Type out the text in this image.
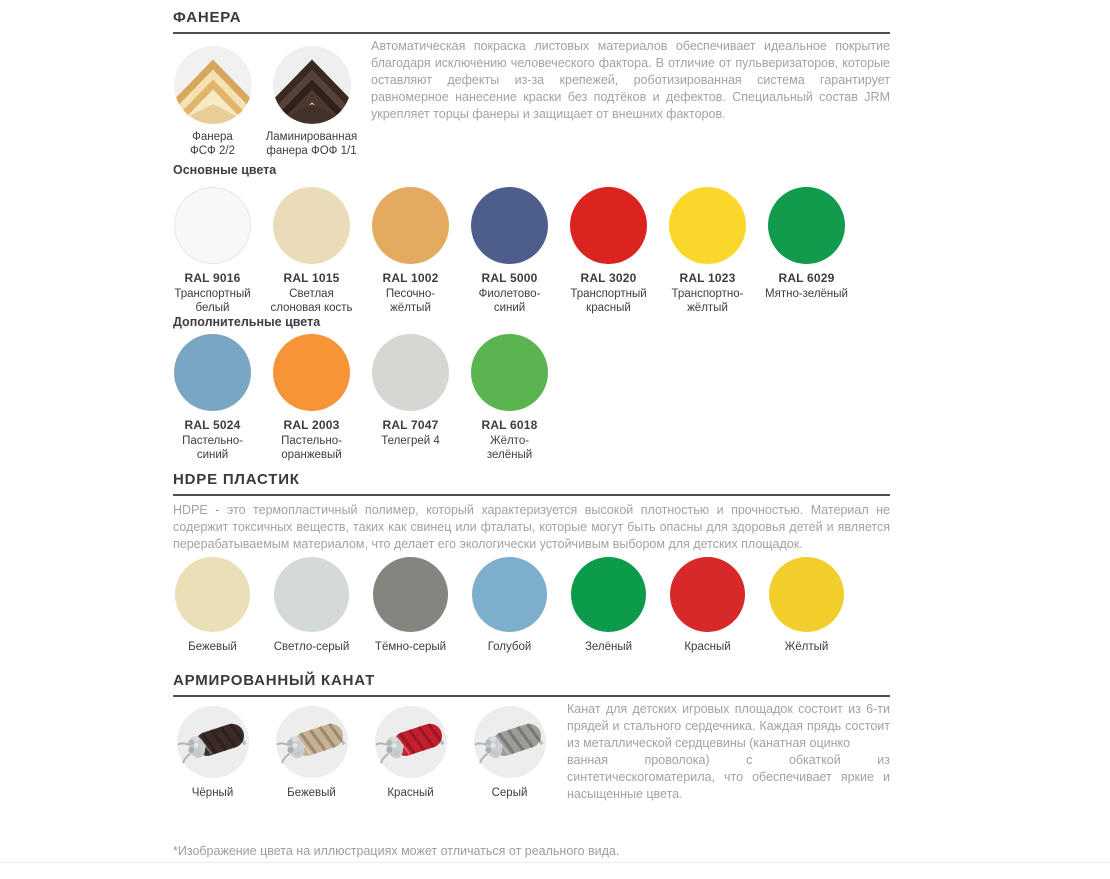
ФАНЕРА
Автоматическая покраска листовых материалов обеспечивает идеальное покрытие благодаря исключению человеческого фактора. В отличие от пульверизаторов, которые оставляют дефекты из-за крепежей, роботизированная система гарантирует равномерное нанесение краски без подтёков и дефектов. Специальный состав JRM укрепляет торцы фанеры и защищает от внешних факторов.
Фанера
ФСФ 2/2
Ламинированная
фанера ФОФ 1/1
Основные цвета
RAL 9016
Транспортный
белый
RAL 1015
Светлая
слоновая кость
RAL 1002
Песочно-
жёлтый
RAL 5000
Фиолетово-
синий
RAL 3020
Транспортный
красный
RAL 1023
Транспортно-
жёлтый
RAL 6029
Мятно-зелёный
Дополнительные цвета
RAL 5024
Пастельно-
синий
RAL 2003
Пастельно-
оранжевый
RAL 7047
Телегрей 4
RAL 6018
Жёлто-
зелёный
HDPE ПЛАСТИК
HDPE - это термопластичный полимер, который характеризуется высокой плотностью и прочностью. Материал не содержит токсичных веществ, таких как свинец или фталаты, которые могут быть опасны для здоровья детей и является перерабатываемым материалом, что делает его экологически устойчивым выбором для детских площадок.
Бежевый	Светло-серый Тёмно-серый	Голубой	Зелёный	Красный	Жёлтый
АРМИРОВАННЫЙ КАНАТ
Чёрный	Бежевый	Красный	Серый
Канат для детских игровых площадок состоит из 6-ти прядей и стального сердечника. Каждая прядь состоит из металлической сердцевины (канатная оцинко
ванная проволока) с обкаткой из синтетическогоматерила, что обеспечивает яркие и насыщенные цвета.
*Изображение цвета на иллюстрациях может отличаться от реального вида.
